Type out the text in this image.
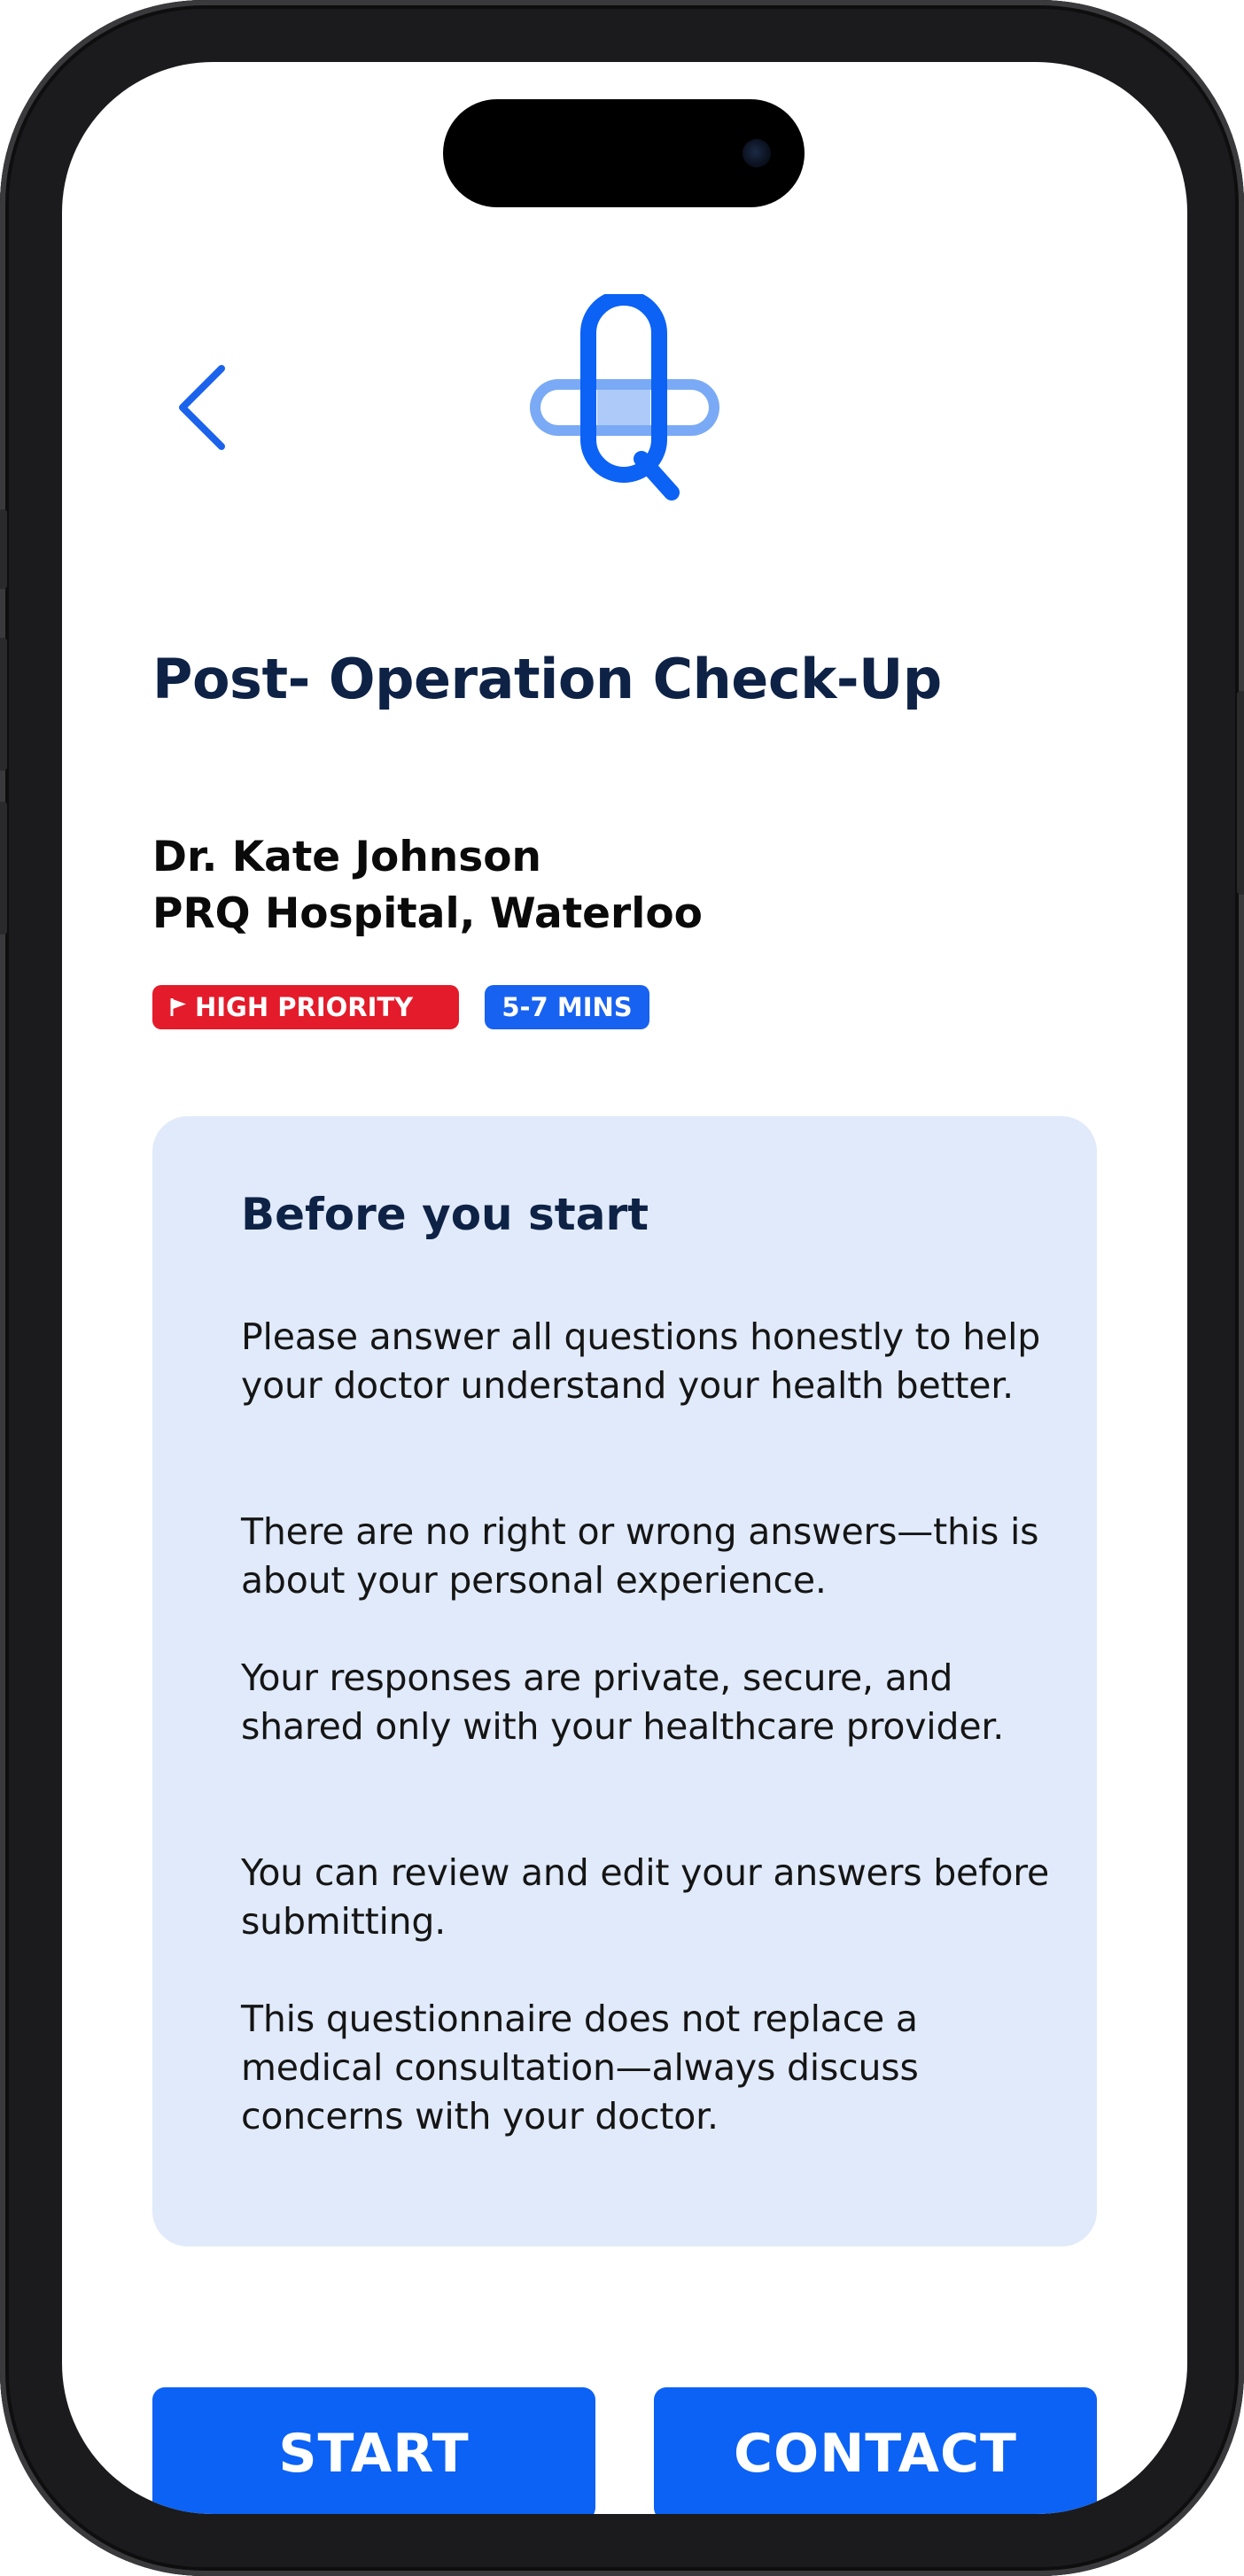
Post- Operation Check-Up
Dr. Kate Johnson
PRQ Hospital, Waterloo
HIGH PRIORITY	5-7 MINS
Before you start
Please answer all questions honestly to help your doctor understand your health better.
There are no right or wrong answers—this is about your personal experience.
Your responses are private, secure, and shared only with your healthcare provider.
You can review and edit your answers before submitting.
This questionnaire does not replace a medical consultation—always discuss concerns with your doctor.
START	CONTACT
